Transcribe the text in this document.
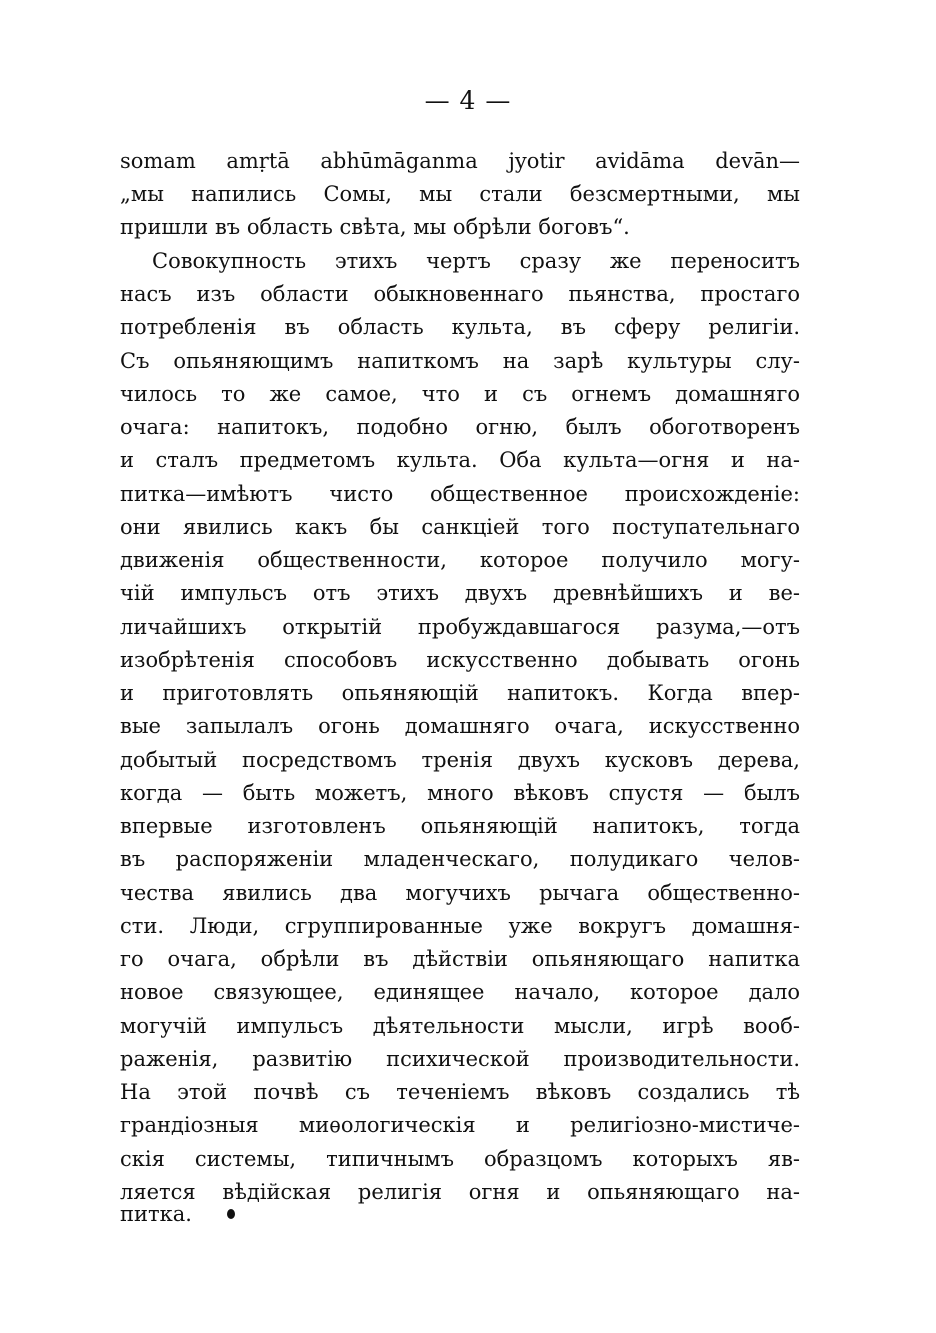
— 4 —
somam amṛtā abhūmāganma jyotir avidāma devān—
„мы напились Сомы, мы стали безсмертными, мы
пришли въ область свѣта, мы обрѣли боговъ“.
Совокупность этихъ чертъ сразу же переноситъ
насъ изъ области обыкновеннаго пьянства, простаго
потребленія въ область культа, въ сферу религіи.
Съ опьяняющимъ напиткомъ на зарѣ культуры слу-
чилось то же самое, что и съ огнемъ домашняго
очага: напитокъ, подобно огню, былъ обоготворенъ
и сталъ предметомъ культа. Оба культа—огня и на-
питка—имѣютъ чисто общественное происхожденіе:
они явились какъ бы санкціей того поступательнаго
движенія общественности, которое получило могу-
чій импульсъ отъ этихъ двухъ древнѣйшихъ и ве-
личайшихъ открытій пробуждавшагося разума,—отъ
изобрѣтенія способовъ искусственно добывать огонь
и приготовлять опьяняющій напитокъ. Когда впер-
вые запылалъ огонь домашняго очага, искусственно
добытый посредствомъ тренія двухъ кусковъ дерева,
когда — быть можетъ, много вѣковъ спустя — былъ
впервые изготовленъ опьяняющій напитокъ, тогда
въ распоряженіи младенческаго, полудикаго челов-
чества явились два могучихъ рычага общественно-
сти. Люди, сгруппированные уже вокругъ домашня-
го очага, обрѣли въ дѣйствіи опьяняющаго напитка
новое связующее, единящее начало, которое дало
могучій импульсъ дѣятельности мысли, игрѣ вооб-
раженія, развитію психической производительности.
На этой почвѣ съ теченіемъ вѣковъ создались тѣ
грандіозныя миѳологическія и религіозно-мистиче-
скія системы, типичнымъ образцомъ которыхъ яв-
ляется вѣдійская религія огня и опьяняющаго на-
питка.
